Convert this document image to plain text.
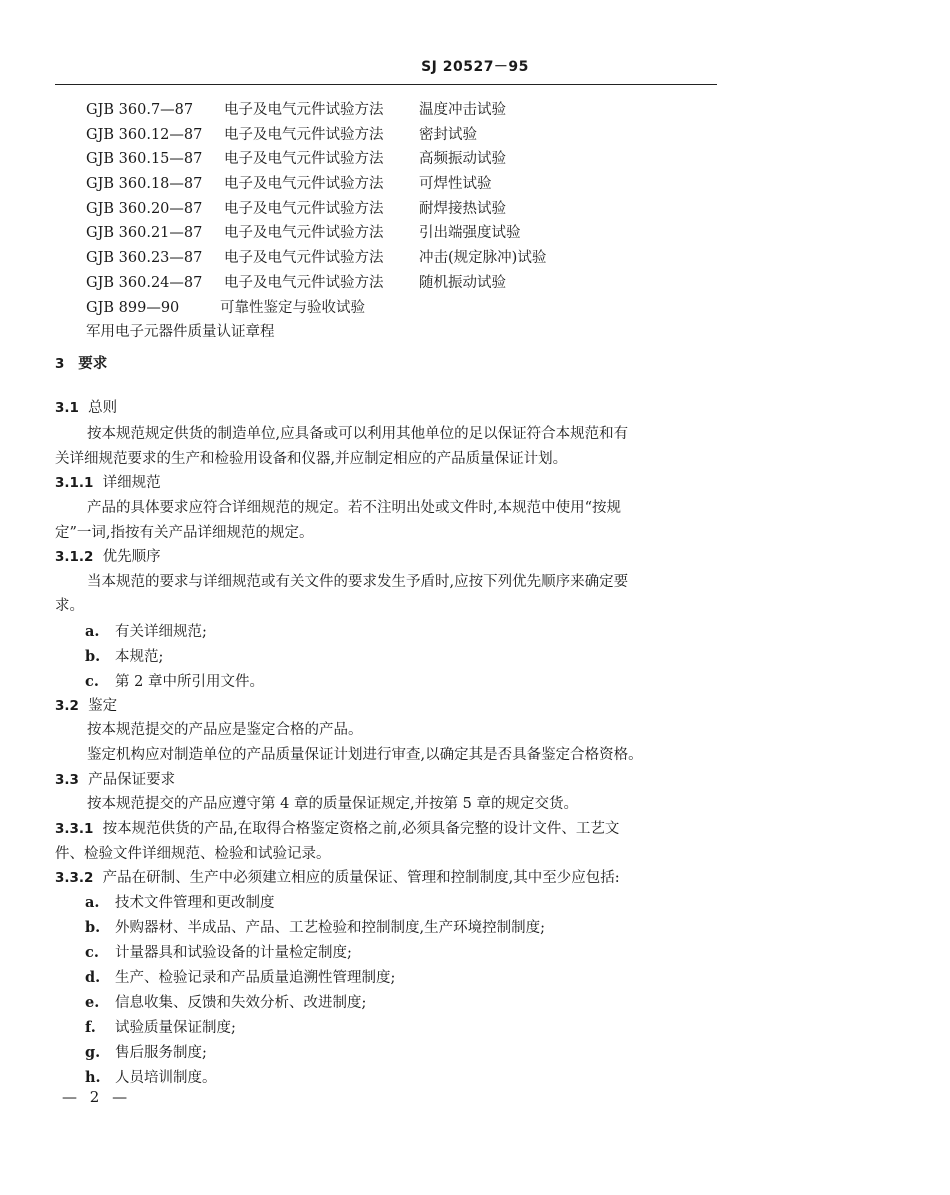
SJ 20527－95
GJB 360.7—87 电子及电气元件试验方法 温度冲击试验
GJB 360.12—87 电子及电气元件试验方法 密封试验
GJB 360.15—87 电子及电气元件试验方法 高频振动试验
GJB 360.18—87 电子及电气元件试验方法 可焊性试验
GJB 360.20—87 电子及电气元件试验方法 耐焊接热试验
GJB 360.21—87 电子及电气元件试验方法 引出端强度试验
GJB 360.23—87 电子及电气元件试验方法 冲击(规定脉冲)试验
GJB 360.24—87 电子及电气元件试验方法 随机振动试验
GJB 899—90	可靠性鉴定与验收试验
军用电子元器件质量认证章程
3 要求
3.1 总则
按本规范规定供货的制造单位,应具备或可以利用其他单位的足以保证符合本规范和有
关详细规范要求的生产和检验用设备和仪器,并应制定相应的产品质量保证计划。
3.1.1 详细规范
产品的具体要求应符合详细规范的规定。若不注明出处或文件时,本规范中使用“按规
定”一词,指按有关产品详细规范的规定。
3.1.2 优先顺序
当本规范的要求与详细规范或有关文件的要求发生予盾时,应按下列优先顺序来确定要
求。
a. 有关详细规范;
b. 本规范;
c. 第 2 章中所引用文件。
3.2 鉴定
按本规范提交的产品应是鉴定合格的产品。
鉴定机构应对制造单位的产品质量保证计划进行审查,以确定其是否具备鉴定合格资格。
3.3 产品保证要求
按本规范提交的产品应遵守第 4 章的质量保证规定,并按第 5 章的规定交货。
3.3.1 按本规范供货的产品,在取得合格鉴定资格之前,必须具备完整的设计文件、工艺文
件、检验文件详细规范、检验和试验记录。
3.3.2 产品在研制、生产中必须建立相应的质量保证、管理和控制制度,其中至少应包括:
a. 技术文件管理和更改制度
b. 外购器材、半成品、产品、工艺检验和控制制度,生产环境控制制度;
c. 计量器具和试验设备的计量检定制度;
d. 生产、检验记录和产品质量追溯性管理制度;
e. 信息收集、反馈和失效分析、改进制度;
f. 试验质量保证制度;
g. 售后服务制度;
h. 人员培训制度。
— 2 —
